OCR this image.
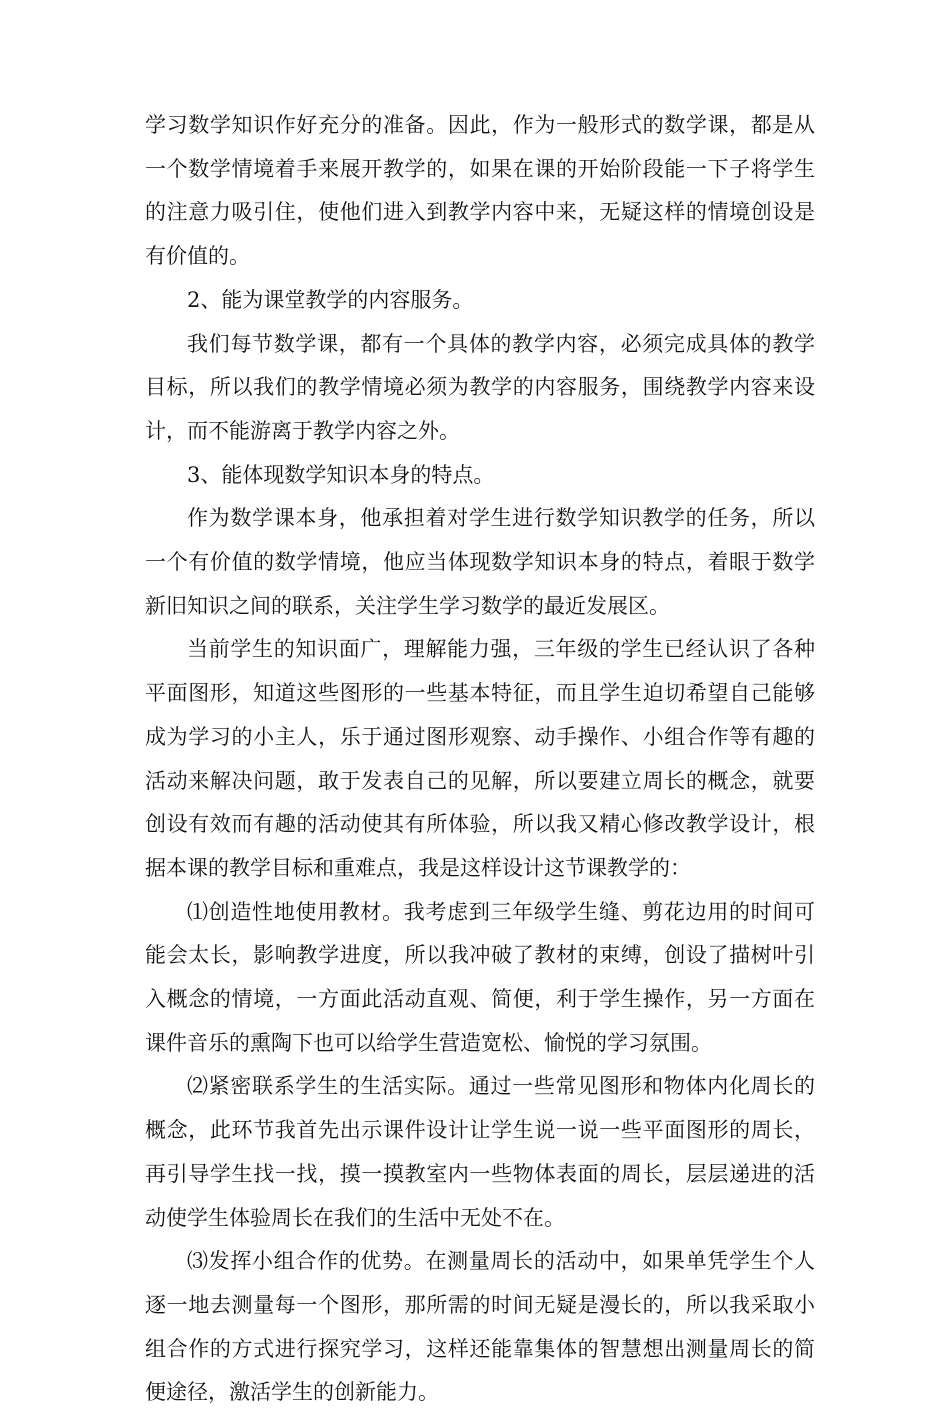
学习数学知识作好充分的准备。因此，作为一般形式的数学课，都是从一个数学情境着手来展开教学的，如果在课的开始阶段能一下子将学生的注意力吸引住，使他们进入到教学内容中来，无疑这样的情境创设是有价值的。

2、能为课堂教学的内容服务。

我们每节数学课，都有一个具体的教学内容，必须完成具体的教学目标，所以我们的教学情境必须为教学的内容服务，围绕教学内容来设计，而不能游离于教学内容之外。

3、能体现数学知识本身的特点。

作为数学课本身，他承担着对学生进行数学知识教学的任务，所以一个有价值的数学情境，他应当体现数学知识本身的特点，着眼于数学新旧知识之间的联系，关注学生学习数学的最近发展区。

当前学生的知识面广，理解能力强，三年级的学生已经认识了各种平面图形，知道这些图形的一些基本特征，而且学生迫切希望自己能够成为学习的小主人，乐于通过图形观察、动手操作、小组合作等有趣的活动来解决问题，敢于发表自己的见解，所以要建立周长的概念，就要创设有效而有趣的活动使其有所体验，所以我又精心修改教学设计，根据本课的教学目标和重难点，我是这样设计这节课教学的：

⑴创造性地使用教材。我考虑到三年级学生缝、剪花边用的时间可能会太长，影响教学进度，所以我冲破了教材的束缚，创设了描树叶引入概念的情境，一方面此活动直观、简便，利于学生操作，另一方面在课件音乐的熏陶下也可以给学生营造宽松、愉悦的学习氛围。

⑵紧密联系学生的生活实际。通过一些常见图形和物体内化周长的概念，此环节我首先出示课件设计让学生说一说一些平面图形的周长，再引导学生找一找，摸一摸教室内一些物体表面的周长，层层递进的活动使学生体验周长在我们的生活中无处不在。

⑶发挥小组合作的优势。在测量周长的活动中，如果单凭学生个人逐一地去测量每一个图形，那所需的时间无疑是漫长的，所以我采取小组合作的方式进行探究学习，这样还能靠集体的智慧想出测量周长的简便途径，激活学生的创新能力。
